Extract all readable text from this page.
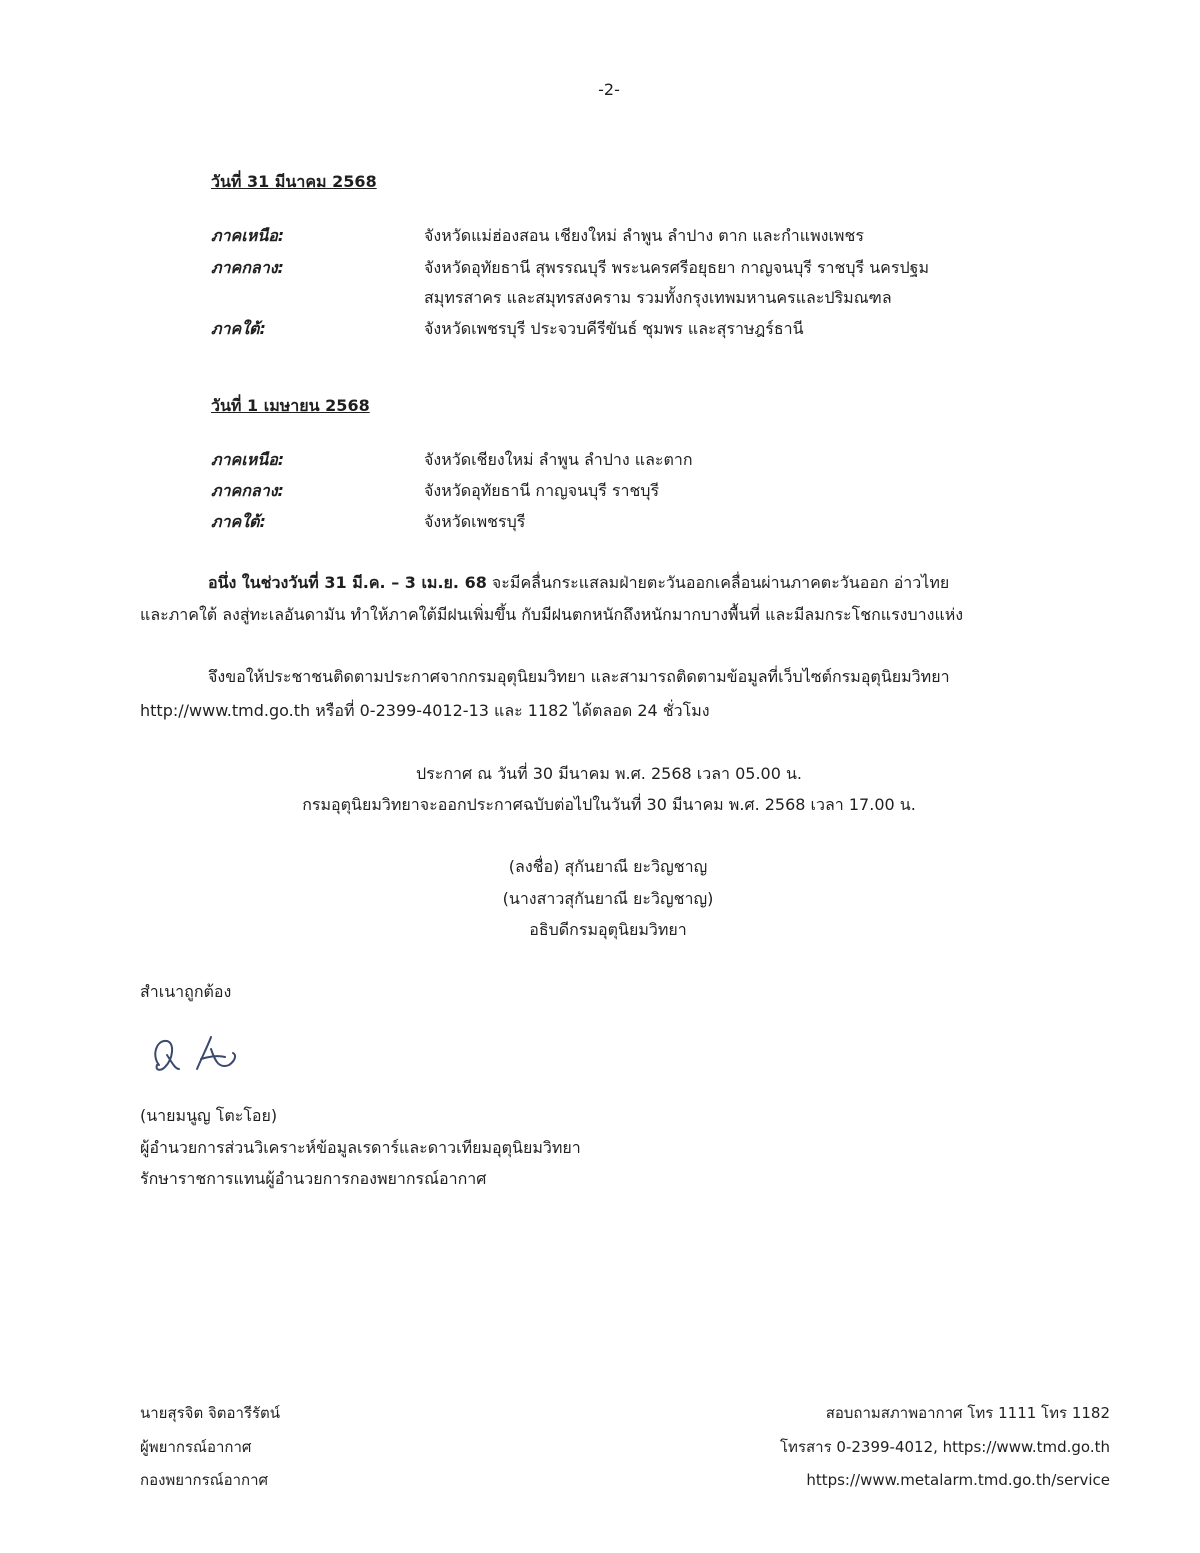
-2-
วันที่ 31 มีนาคม 2568
ภาคเหนือ:	จังหวัดแม่ฮ่องสอน เชียงใหม่ ลำพูน ลำปาง ตาก และกำแพงเพชร
ภาคกลาง:	จังหวัดอุทัยธานี สุพรรณบุรี พระนครศรีอยุธยา กาญจนบุรี ราชบุรี นครปฐม
สมุทรสาคร และสมุทรสงคราม รวมทั้งกรุงเทพมหานครและปริมณฑล
ภาคใต้:	จังหวัดเพชรบุรี ประจวบคีรีขันธ์ ชุมพร และสุราษฎร์ธานี
วันที่ 1 เมษายน 2568
ภาคเหนือ:	จังหวัดเชียงใหม่ ลำพูน ลำปาง และตาก
ภาคกลาง:	จังหวัดอุทัยธานี กาญจนบุรี ราชบุรี
ภาคใต้:	จังหวัดเพชรบุรี
อนึ่ง ในช่วงวันที่ 31 มี.ค. – 3 เม.ย. 68 จะมีคลื่นกระแสลมฝ่ายตะวันออกเคลื่อนผ่านภาคตะวันออก อ่าวไทย
และภาคใต้ ลงสู่ทะเลอันดามัน ทำให้ภาคใต้มีฝนเพิ่มขึ้น กับมีฝนตกหนักถึงหนักมากบางพื้นที่ และมีลมกระโชกแรงบางแห่ง
จึงขอให้ประชาชนติดตามประกาศจากกรมอุตุนิยมวิทยา และสามารถติดตามข้อมูลที่เว็บไซต์กรมอุตุนิยมวิทยา
http://www.tmd.go.th หรือที่ 0-2399-4012-13 และ 1182 ได้ตลอด 24 ชั่วโมง
ประกาศ ณ วันที่ 30 มีนาคม พ.ศ. 2568 เวลา 05.00 น.
กรมอุตุนิยมวิทยาจะออกประกาศฉบับต่อไปในวันที่ 30 มีนาคม พ.ศ. 2568 เวลา 17.00 น.
(ลงชื่อ) สุกันยาณี ยะวิญชาญ
(นางสาวสุกันยาณี ยะวิญชาญ)
อธิบดีกรมอุตุนิยมวิทยา
สำเนาถูกต้อง
(นายมนูญ โตะโอย)
ผู้อำนวยการส่วนวิเคราะห์ข้อมูลเรดาร์และดาวเทียมอุตุนิยมวิทยา
รักษาราชการแทนผู้อำนวยการกองพยากรณ์อากาศ
นายสุรจิต จิตอารีรัตน์
ผู้พยากรณ์อากาศ
กองพยากรณ์อากาศ
สอบถามสภาพอากาศ โทร 1111 โทร 1182
โทรสาร 0-2399-4012, https://www.tmd.go.th
https://www.metalarm.tmd.go.th/service
